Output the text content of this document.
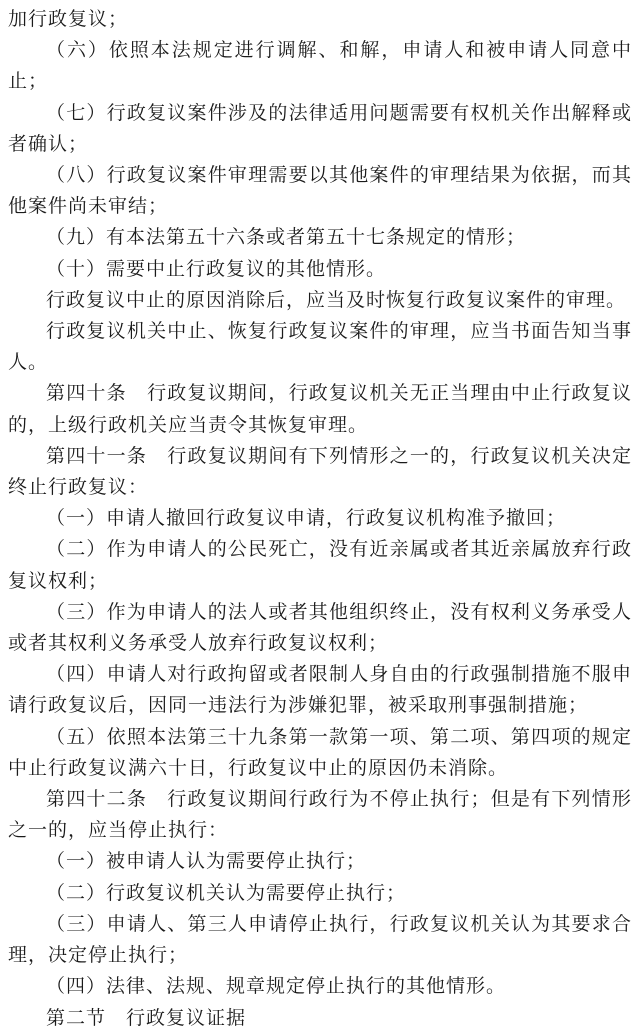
加行政复议；

（六）依照本法规定进行调解、和解，申请人和被申请人同意中止；

（七）行政复议案件涉及的法律适用问题需要有权机关作出解释或者确认；

（八）行政复议案件审理需要以其他案件的审理结果为依据，而其他案件尚未审结；

（九）有本法第五十六条或者第五十七条规定的情形；

（十）需要中止行政复议的其他情形。

行政复议中止的原因消除后，应当及时恢复行政复议案件的审理。

行政复议机关中止、恢复行政复议案件的审理，应当书面告知当事人。

第四十条　行政复议期间，行政复议机关无正当理由中止行政复议的，上级行政机关应当责令其恢复审理。

第四十一条　行政复议期间有下列情形之一的，行政复议机关决定终止行政复议：

（一）申请人撤回行政复议申请，行政复议机构准予撤回；

（二）作为申请人的公民死亡，没有近亲属或者其近亲属放弃行政复议权利；

（三）作为申请人的法人或者其他组织终止，没有权利义务承受人或者其权利义务承受人放弃行政复议权利；

（四）申请人对行政拘留或者限制人身自由的行政强制措施不服申请行政复议后，因同一违法行为涉嫌犯罪，被采取刑事强制措施；

（五）依照本法第三十九条第一款第一项、第二项、第四项的规定中止行政复议满六十日，行政复议中止的原因仍未消除。

第四十二条　行政复议期间行政行为不停止执行；但是有下列情形之一的，应当停止执行：

（一）被申请人认为需要停止执行；

（二）行政复议机关认为需要停止执行；

（三）申请人、第三人申请停止执行，行政复议机关认为其要求合理，决定停止执行；

（四）法律、法规、规章规定停止执行的其他情形。

第二节　行政复议证据
